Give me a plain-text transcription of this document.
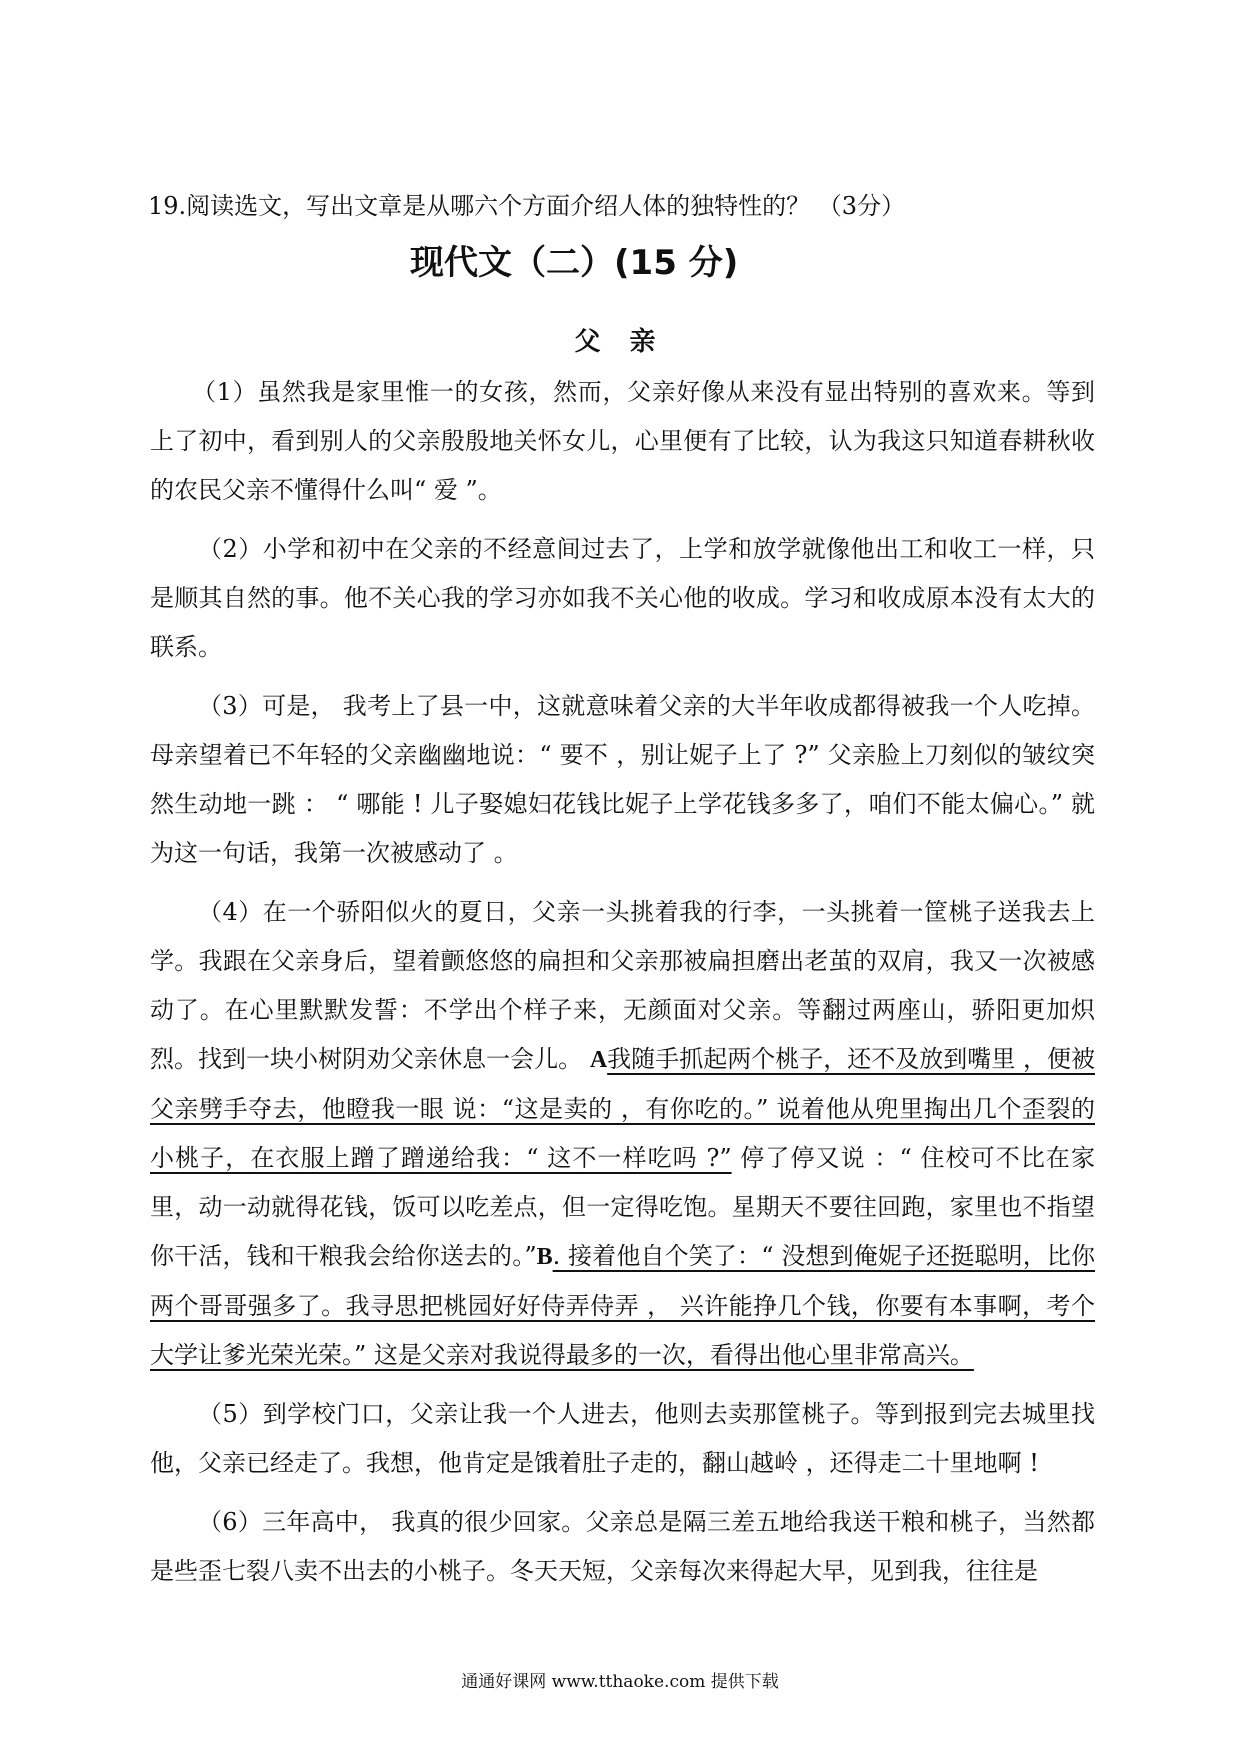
19.阅读选文，写出文章是从哪六个方面介绍人体的独特性的？ （3分）
现代文（二）(15 分)
父 亲

（1）虽然我是家里惟一的女孩，然而，父亲好像从来没有显出特别的喜欢来。等到上了初中，看到别人的父亲殷殷地关怀女儿，心里便有了比较，认为我这只知道春耕秋收的农民父亲不懂得什么叫“ 爱 ”。

（2）小学和初中在父亲的不经意间过去了，上学和放学就像他出工和收工一样，只是顺其自然的事。他不关心我的学习亦如我不关心他的收成。学习和收成原本没有太大的联系。

（3）可是， 我考上了县一中，这就意味着父亲的大半年收成都得被我一个人吃掉。母亲望着已不年轻的父亲幽幽地说：“ 要不 ，别让妮子上了 ?” 父亲脸上刀刻似的皱纹突然生动地一跳 ： “ 哪能 ! 儿子娶媳妇花钱比妮子上学花钱多多了，咱们不能太偏心。” 就为这一句话，我第一次被感动了 。

（4）在一个骄阳似火的夏日，父亲一头挑着我的行李，一头挑着一筐桃子送我去上学。我跟在父亲身后，望着颤悠悠的扁担和父亲那被扁担磨出老茧的双肩，我又一次被感动了。在心里默默发誓：不学出个样子来，无颜面对父亲。等翻过两座山，骄阳更加炽烈。找到一块小树阴劝父亲休息一会儿。 A我随手抓起两个桃子，还不及放到嘴里 ，便被父亲劈手夺去，他瞪我一眼 说：“这是卖的 ，有你吃的。” 说着他从兜里掏出几个歪裂的小桃子，在衣服上蹭了蹭递给我：“ 这不一样吃吗 ?” 停了停又说 ：“ 住校可不比在家里，动一动就得花钱，饭可以吃差点，但一定得吃饱。星期天不要往回跑，家里也不指望你干活，钱和干粮我会给你送去的。”B. 接着他自个笑了：“ 没想到俺妮子还挺聪明，比你两个哥哥强多了。我寻思把桃园好好侍弄侍弄 ， 兴许能挣几个钱，你要有本事啊，考个大学让爹光荣光荣。” 这是父亲对我说得最多的一次，看得出他心里非常高兴。

（5）到学校门口，父亲让我一个人进去，他则去卖那筐桃子。等到报到完去城里找他，父亲已经走了。我想，他肯定是饿着肚子走的，翻山越岭 ，还得走二十里地啊 !

（6）三年高中， 我真的很少回家。父亲总是隔三差五地给我送干粮和桃子，当然都是些歪七裂八卖不出去的小桃子。冬天天短，父亲每次来得起大早，见到我，往往是

通通好课网 www.tthaoke.com 提供下载
